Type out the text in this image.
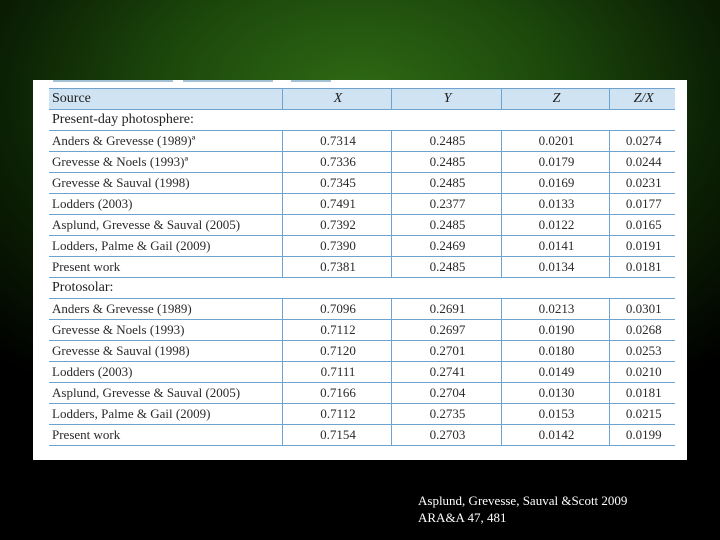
Source	X	Y	Z	Z/X
Present-day photosphere:				
Anders & Grevesse (1989)ª	0.7314	0.2485	0.0201	0.0274
Grevesse & Noels (1993)ª	0.7336	0.2485	0.0179	0.0244
Grevesse & Sauval (1998)	0.7345	0.2485	0.0169	0.0231
Lodders (2003)	0.7491	0.2377	0.0133	0.0177
Asplund, Grevesse & Sauval (2005)	0.7392	0.2485	0.0122	0.0165
Lodders, Palme & Gail (2009)	0.7390	0.2469	0.0141	0.0191
Present work	0.7381	0.2485	0.0134	0.0181
Protosolar:				
Anders & Grevesse (1989)	0.7096	0.2691	0.0213	0.0301
Grevesse & Noels (1993)	0.7112	0.2697	0.0190	0.0268
Grevesse & Sauval (1998)	0.7120	0.2701	0.0180	0.0253
Lodders (2003)	0.7111	0.2741	0.0149	0.0210
Asplund, Grevesse & Sauval (2005)	0.7166	0.2704	0.0130	0.0181
Lodders, Palme & Gail (2009)	0.7112	0.2735	0.0153	0.0215
Present work	0.7154	0.2703	0.0142	0.0199
Asplund, Grevesse, Sauval &Scott 2009
ARA&A 47, 481
